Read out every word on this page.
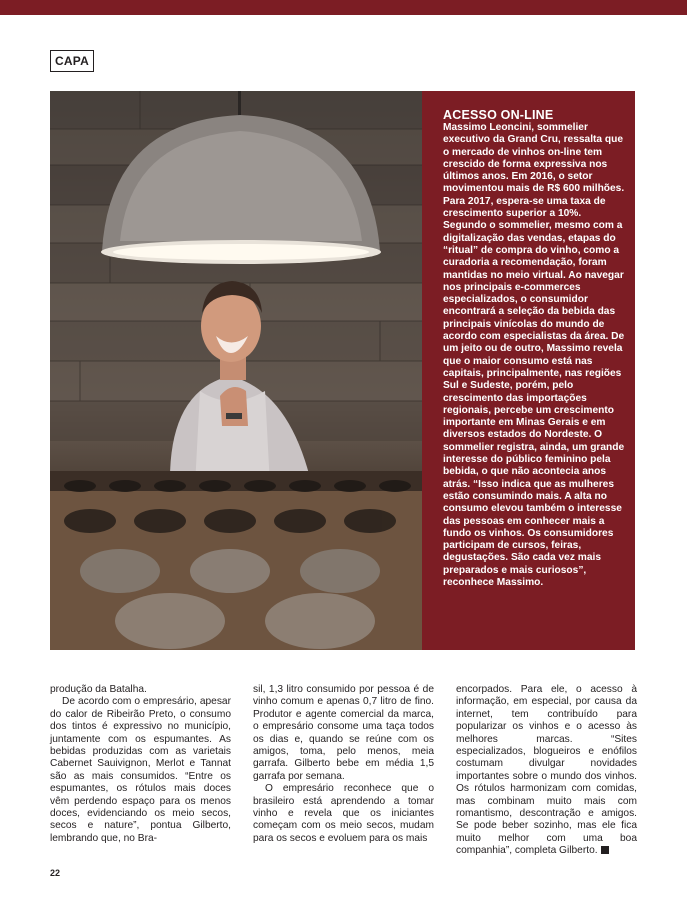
CAPA
ACESSO ON-LINE

Massimo Leoncini, sommelier executivo da Grand Cru, ressalta que o mercado de vinhos on-line tem crescido de forma expressiva nos últimos anos. Em 2016, o setor movimentou mais de R$ 600 milhões. Para 2017, espera-se uma taxa de crescimento superior a 10%. Segundo o sommelier, mesmo com a digitalização das vendas, etapas do “ritual” de compra do vinho, como a curadoria a recomendação, foram mantidas no meio virtual. Ao navegar nos principais e-commerces especializados, o consumidor encontrará a seleção da bebida das principais vinícolas do mundo de acordo com especialistas da área. De um jeito ou de outro, Massimo revela que o maior consumo está nas capitais, principalmente, nas regiões Sul e Sudeste, porém, pelo crescimento das importações regionais, percebe um crescimento importante em Minas Gerais e em diversos estados do Nordeste. O sommelier registra, ainda, um grande interesse do público feminino pela bebida, o que não acontecia anos atrás. “Isso indica que as mulheres estão consumindo mais. A alta no consumo elevou também o interesse das pessoas em conhecer mais a fundo os vinhos. Os consumidores participam de cursos, feiras, degustações. São cada vez mais preparados e mais curiosos”, reconhece Massimo.

produção da Batalha.

De acordo com o empresário, apesar do calor de Ribeirão Preto, o consumo dos tintos é expressivo no município, juntamente com os espumantes. As bebidas produzidas com as varietais Cabernet Sauivignon, Merlot e Tannat são as mais consumidos. “Entre os espumantes, os rótulos mais doces vêm perdendo espaço para os menos doces, evidenciando os meio secos, secos e nature”, pontua Gilberto, lembrando que, no Bra-

sil, 1,3 litro consumido por pessoa é de vinho comum e apenas 0,7 litro de fino. Produtor e agente comercial da marca, o empresário consome uma taça todos os dias e, quando se reúne com os amigos, toma, pelo menos, meia garrafa. Gilberto bebe em média 1,5 garrafa por semana.

O empresário reconhece que o brasileiro está aprendendo a tomar vinho e revela que os iniciantes começam com os meio secos, mudam para os secos e evoluem para os mais

encorpados. Para ele, o acesso à informação, em especial, por causa da internet, tem contribuído para popularizar os vinhos e o acesso às melhores marcas. “Sites especializados, blogueiros e enófilos costumam divulgar novidades importantes sobre o mundo dos vinhos. Os rótulos harmonizam com comidas, mas combinam muito mais com romantismo, descontração e amigos. Se pode beber sozinho, mas ele fica muito melhor com uma boa companhia”, completa Gilberto.

22
